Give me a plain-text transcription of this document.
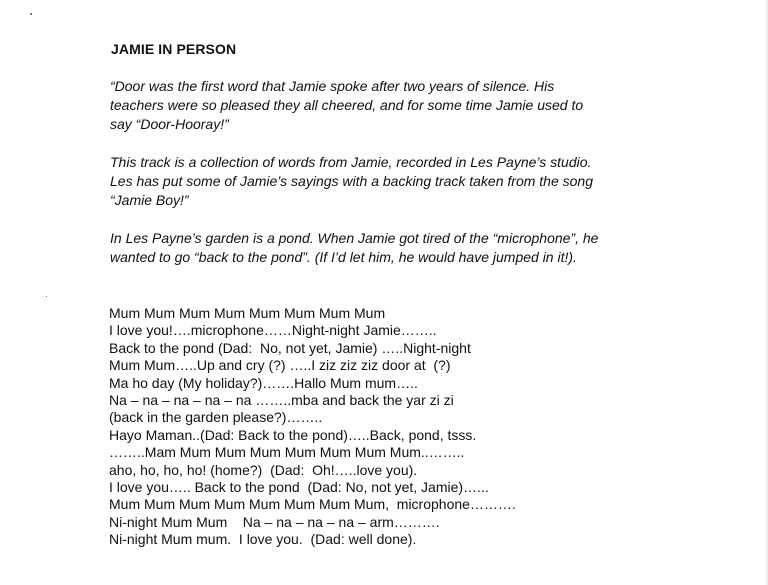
JAMIE IN PERSON

“Door was the first word that Jamie spoke after two years of silence. His
teachers were so pleased they all cheered, and for some time Jamie used to
say “Door-Hooray!”

This track is a collection of words from Jamie, recorded in Les Payne’s studio.
Les has put some of Jamie’s sayings with a backing track taken from the song
“Jamie Boy!”

In Les Payne’s garden is a pond. When Jamie got tired of the “microphone”, he
wanted to go “back to the pond”. (If I’d let him, he would have jumped in it!).

Mum Mum Mum Mum Mum Mum Mum Mum
I love you!….microphone……Night-night Jamie……..
Back to the pond (Dad:  No, not yet, Jamie) …..Night-night
Mum Mum…..Up and cry (?) …..I ziz ziz ziz door at  (?)
Ma ho day (My holiday?)…….Hallo Mum mum…..
Na – na – na – na – na ……..mba and back the yar zi zi
(back in the garden please?)……..
Hayo Maman..(Dad: Back to the pond)…..Back, pond, tsss.
……..Mam Mum Mum Mum Mum Mum Mum Mum..……..
aho, ho, ho, ho! (home?)  (Dad:  Oh!…..love you).
I love you….. Back to the pond  (Dad: No, not yet, Jamie)…...
Mum Mum Mum Mum Mum Mum Mum Mum,  microphone……….
Ni-night Mum Mum    Na – na – na – na – arm……….
Ni-night Mum mum.  I love you.  (Dad: well done).
